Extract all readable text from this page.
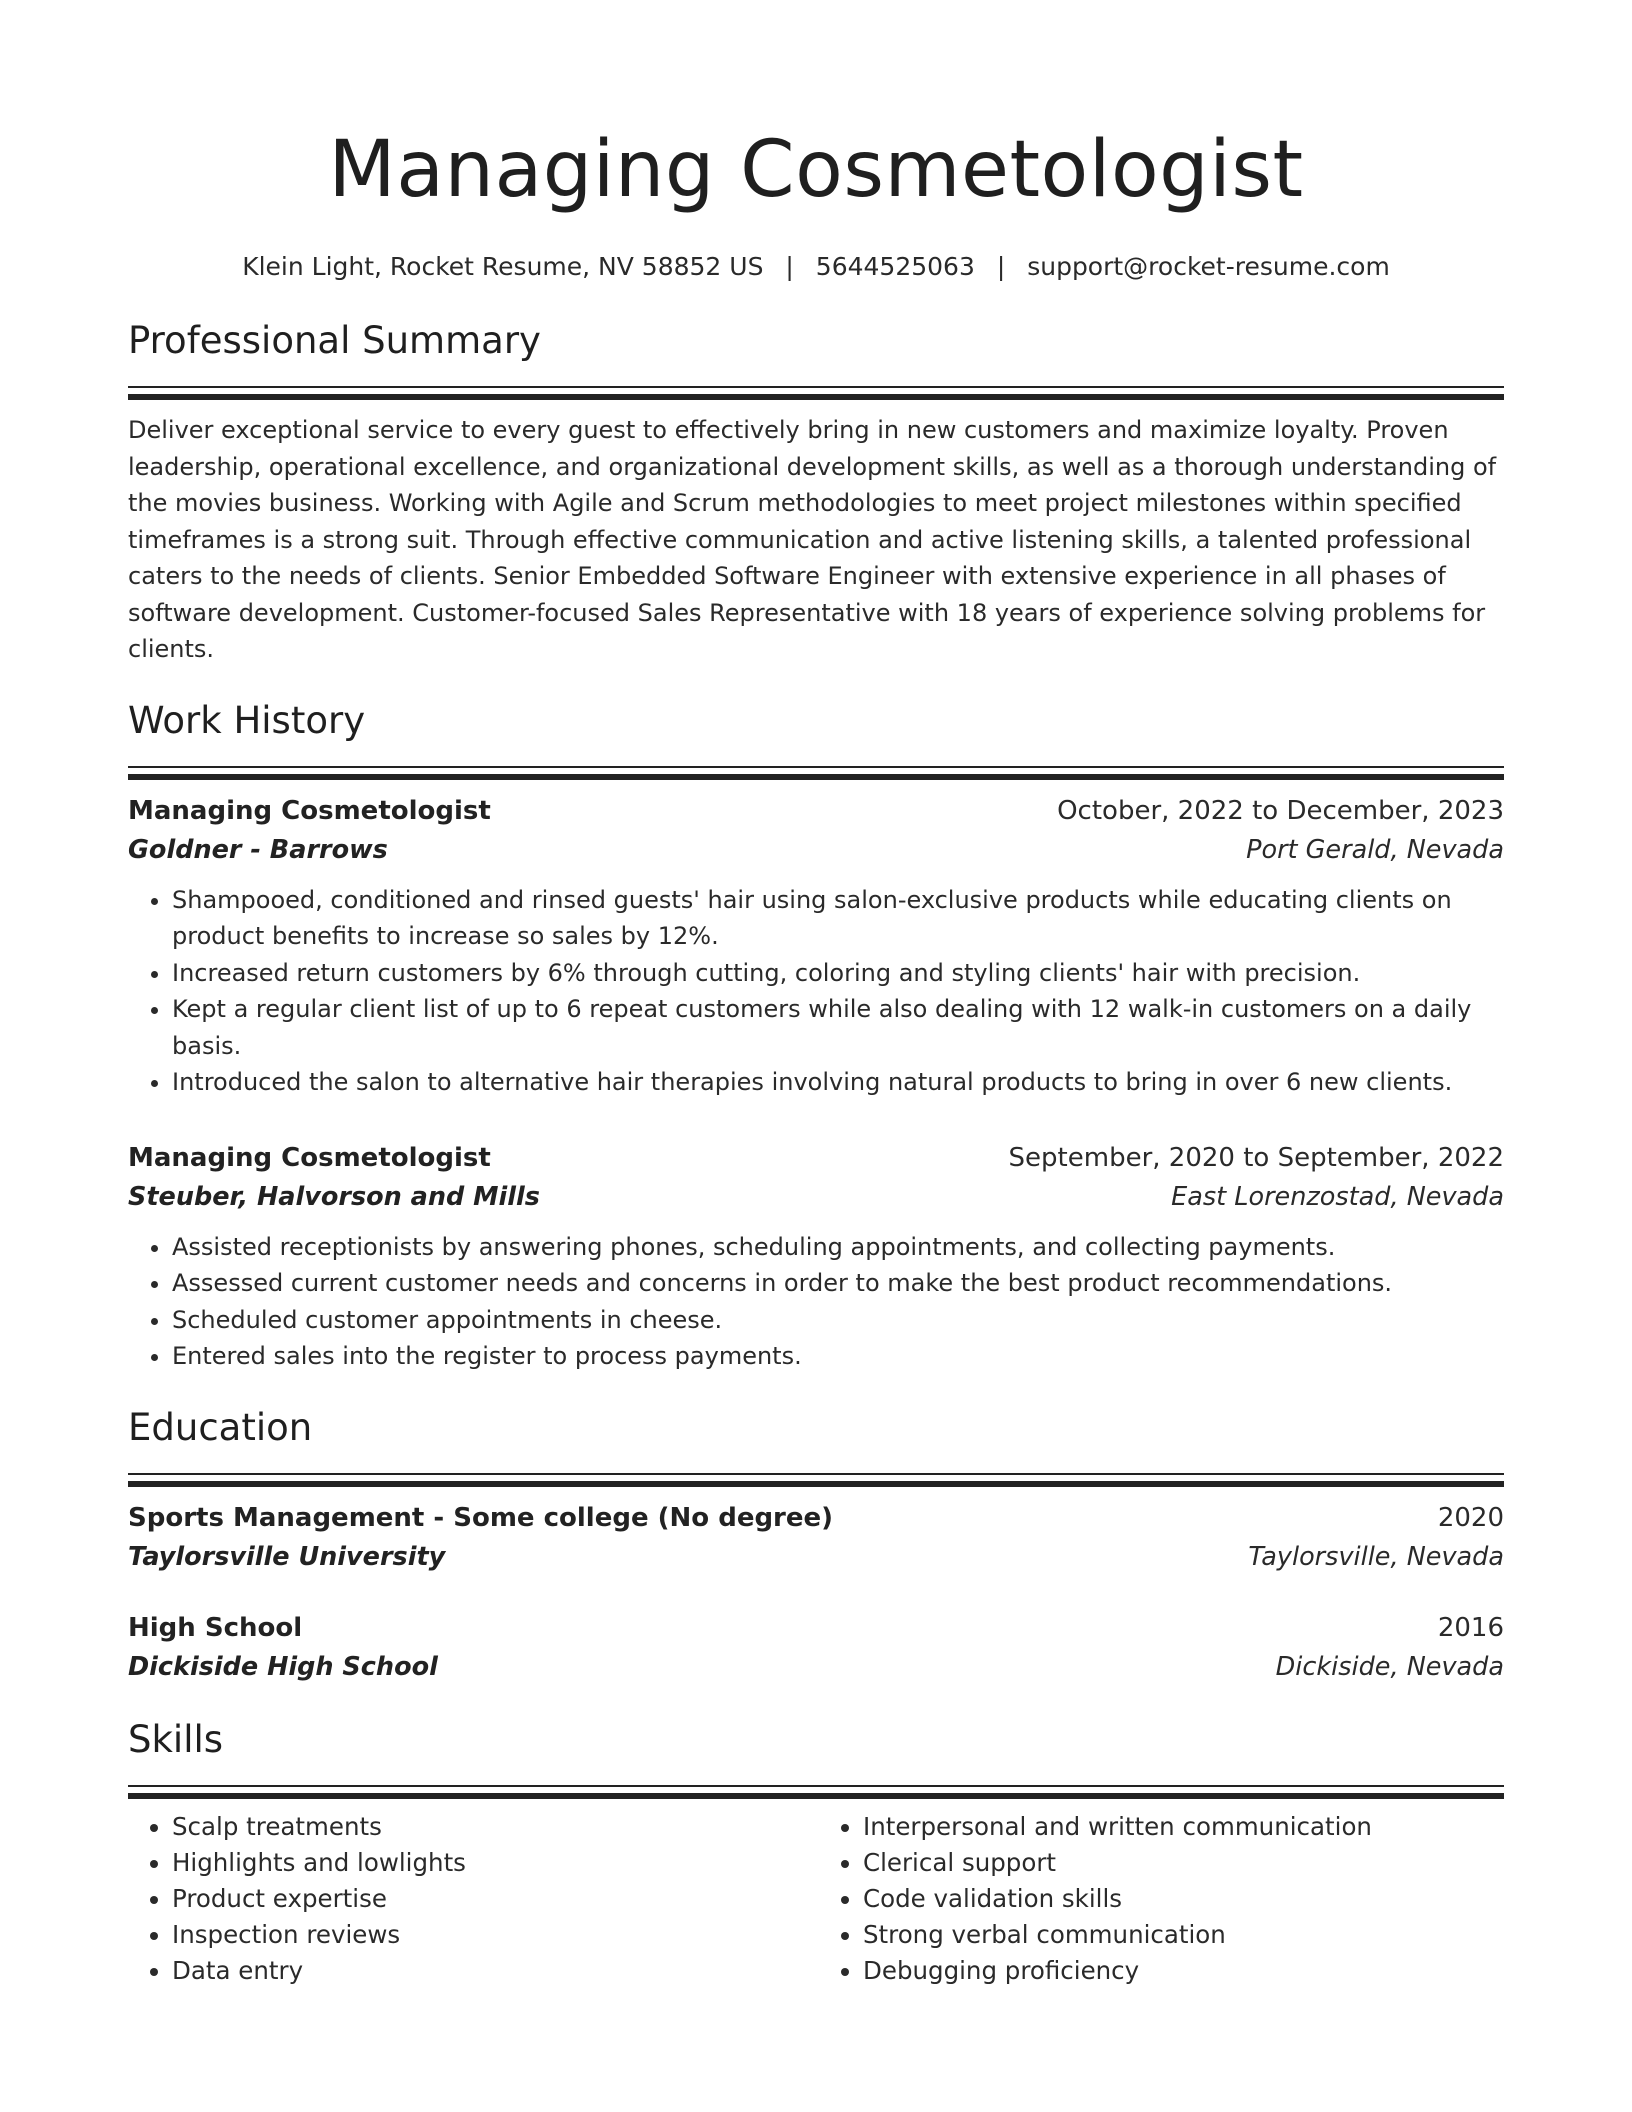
Managing Cosmetologist
Klein Light, Rocket Resume, NV 58852 US | 5644525063 | support@rocket-resume.com
Professional Summary

Deliver exceptional service to every guest to effectively bring in new customers and maximize loyalty. Proven leadership, operational excellence, and organizational development skills, as well as a thorough understanding of the movies business. Working with Agile and Scrum methodologies to meet project milestones within specified timeframes is a strong suit. Through effective communication and active listening skills, a talented professional caters to the needs of clients. Senior Embedded Software Engineer with extensive experience in all phases of software development. Customer-focused Sales Representative with 18 years of experience solving problems for clients.

Work History
Managing Cosmetologist	October, 2022 to December, 2023
Goldner - Barrows	Port Gerald, Nevada
• Shampooed, conditioned and rinsed guests' hair using salon-exclusive products while educating clients on product benefits to increase so sales by 12%.
• Increased return customers by 6% through cutting, coloring and styling clients' hair with precision.
• Kept a regular client list of up to 6 repeat customers while also dealing with 12 walk-in customers on a daily basis.
• Introduced the salon to alternative hair therapies involving natural products to bring in over 6 new clients.
Managing Cosmetologist	September, 2020 to September, 2022
Steuber, Halvorson and Mills	East Lorenzostad, Nevada
• Assisted receptionists by answering phones, scheduling appointments, and collecting payments.
• Assessed current customer needs and concerns in order to make the best product recommendations.
• Scheduled customer appointments in cheese.
• Entered sales into the register to process payments.
Education
Sports Management - Some college (No degree)	2020
Taylorsville University	Taylorsville, Nevada
High School	2016
Dickiside High School	Dickiside, Nevada
Skills
• Scalp treatments
• Highlights and lowlights
• Product expertise
• Inspection reviews
• Data entry
• Interpersonal and written communication
• Clerical support
• Code validation skills
• Strong verbal communication
• Debugging proficiency
